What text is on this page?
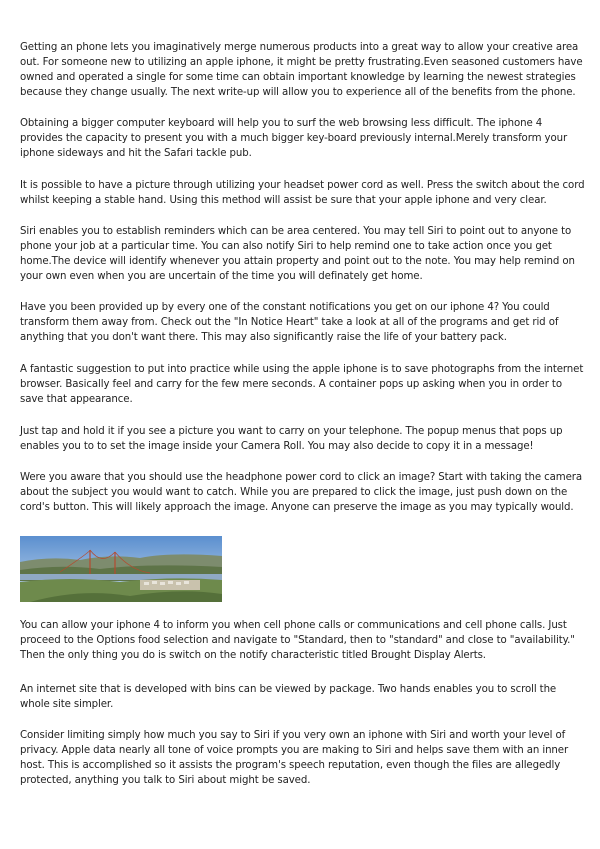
Getting an phone lets you imaginatively merge numerous products into a great way to allow your creative area out. For someone new to utilizing an apple iphone, it might be pretty frustrating.Even seasoned customers have owned and operated a single for some time can obtain important knowledge by learning the newest strategies because they change usually. The next write-up will allow you to experience all of the benefits from the phone.

Obtaining a bigger computer keyboard will help you to surf the web browsing less difficult. The iphone 4 provides the capacity to present you with a much bigger key-board previously internal.Merely transform your iphone sideways and hit the Safari tackle pub.

It is possible to have a picture through utilizing your headset power cord as well. Press the switch about the cord whilst keeping a stable hand. Using this method will assist be sure that your apple iphone and very clear.

Siri enables you to establish reminders which can be area centered. You may tell Siri to point out to anyone to phone your job at a particular time. You can also notify Siri to help remind one to take action once you get home.The device will identify whenever you attain property and point out to the note. You may help remind on your own even when you are uncertain of the time you will definately get home.

Have you been provided up by every one of the constant notifications you get on our iphone 4? You could transform them away from. Check out the "In Notice Heart" take a look at all of the programs and get rid of anything that you don't want there. This may also significantly raise the life of your battery pack.

A fantastic suggestion to put into practice while using the apple iphone is to save photographs from the internet browser. Basically feel and carry for the few mere seconds. A container pops up asking when you in order to save that appearance.

Just tap and hold it if you see a picture you want to carry on your telephone. The popup menus that pops up enables you to to set the image inside your Camera Roll. You may also decide to copy it in a message!

Were you aware that you should use the headphone power cord to click an image? Start with taking the camera about the subject you would want to catch. While you are prepared to click the image, just push down on the cord's button. This will likely approach the image. Anyone can preserve the image as you may typically would.

You can allow your iphone 4 to inform you when cell phone calls or communications and cell phone calls. Just proceed to the Options food selection and navigate to "Standard, then to "standard" and close to "availability." Then the only thing you do is switch on the notify characteristic titled Brought Display Alerts.

An internet site that is developed with bins can be viewed by package. Two hands enables you to scroll the whole site simpler.

Consider limiting simply how much you say to Siri if you very own an iphone with Siri and worth your level of privacy. Apple data nearly all tone of voice prompts you are making to Siri and helps save them with an inner host. This is accomplished so it assists the program's speech reputation, even though the files are allegedly protected, anything you talk to Siri about might be saved.
